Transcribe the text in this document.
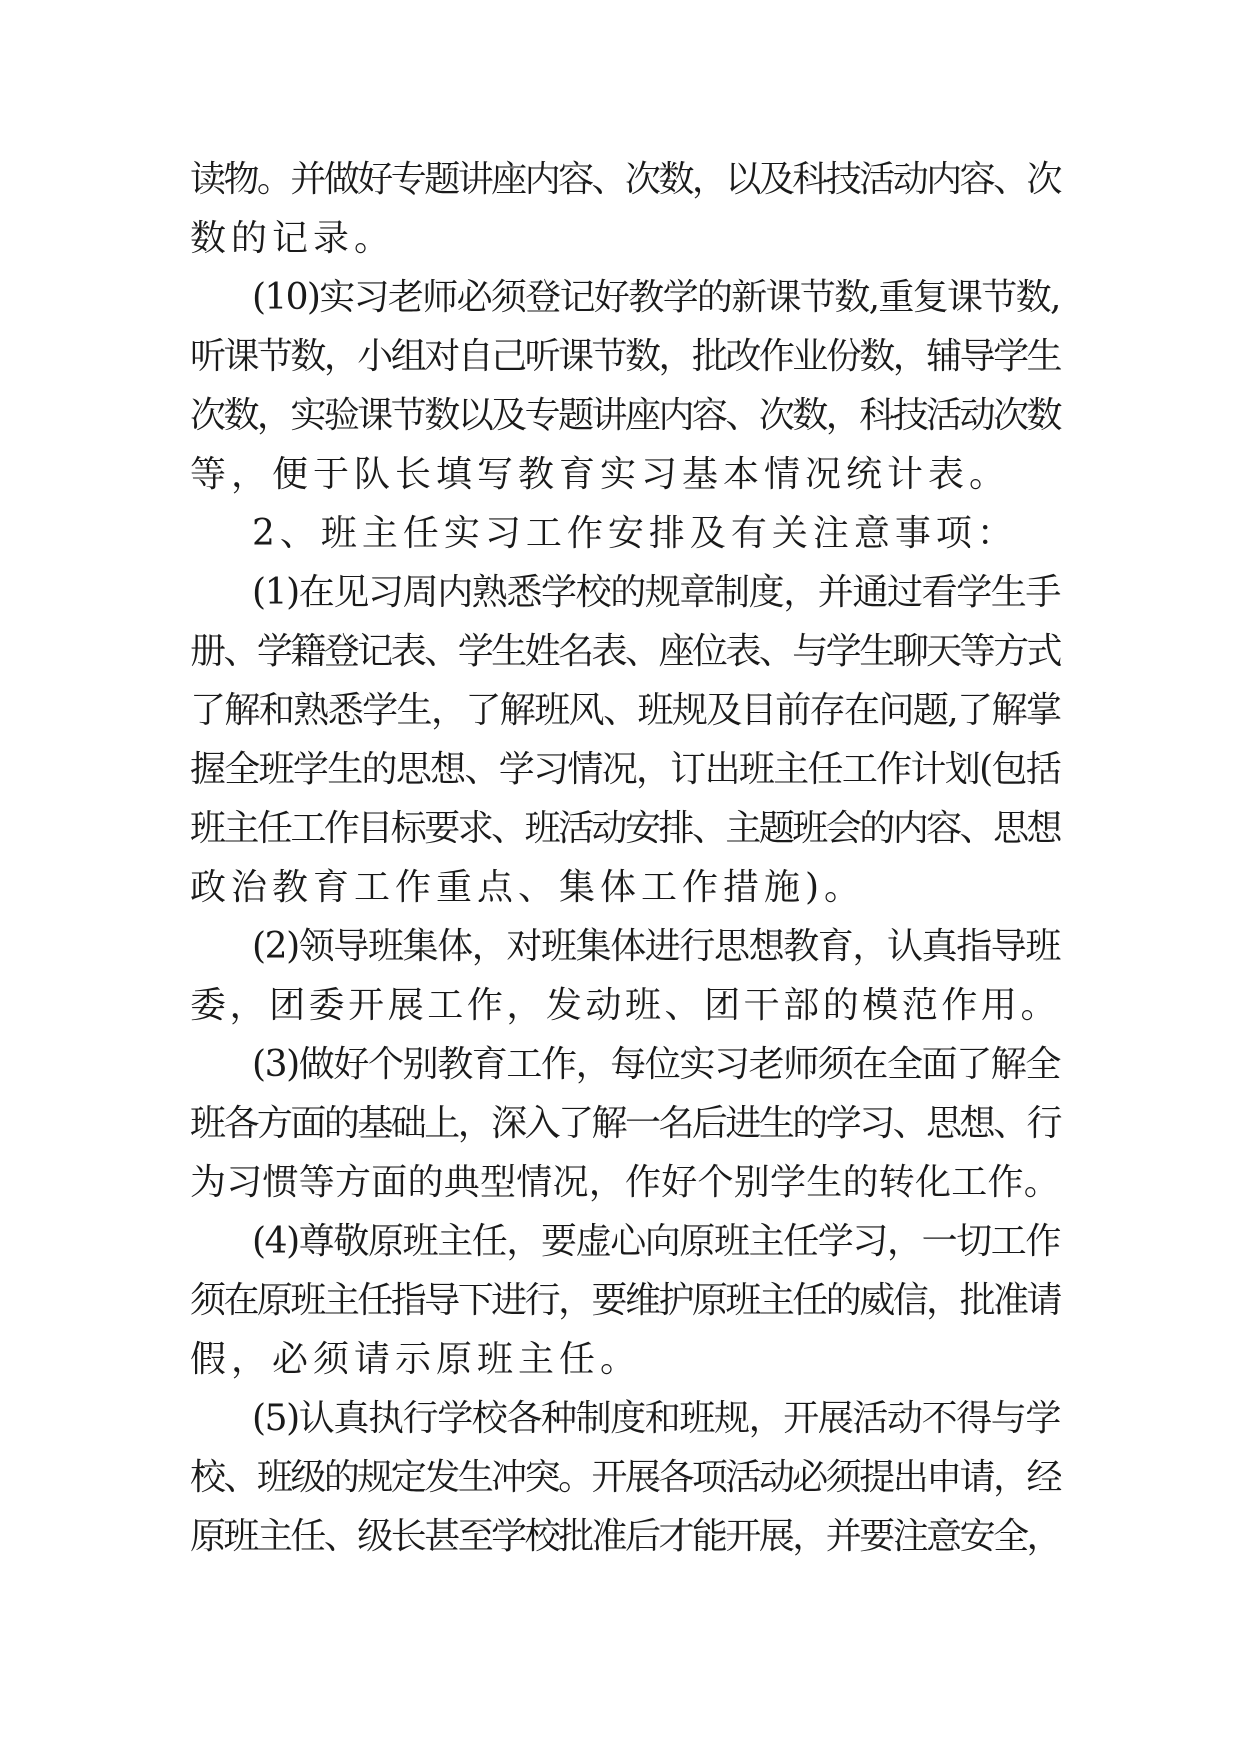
读物。并做好专题讲座内容、次数，以及科技活动内容、次
数的记录。
(10)实习老师必须登记好教学的新课节数,重复课节数,
听课节数，小组对自己听课节数，批改作业份数，辅导学生
次数，实验课节数以及专题讲座内容、次数，科技活动次数
等，便于队长填写教育实习基本情况统计表。
2、班主任实习工作安排及有关注意事项：
(1)在见习周内熟悉学校的规章制度，并通过看学生手
册、学籍登记表、学生姓名表、座位表、与学生聊天等方式
了解和熟悉学生，了解班风、班规及目前存在问题,了解掌
握全班学生的思想、学习情况，订出班主任工作计划(包括
班主任工作目标要求、班活动安排、主题班会的内容、思想
政治教育工作重点、集体工作措施)。
(2)领导班集体，对班集体进行思想教育，认真指导班
委，团委开展工作，发动班、团干部的模范作用。
(3)做好个别教育工作，每位实习老师须在全面了解全
班各方面的基础上，深入了解一名后进生的学习、思想、行
为习惯等方面的典型情况，作好个别学生的转化工作。
(4)尊敬原班主任，要虚心向原班主任学习，一切工作
须在原班主任指导下进行，要维护原班主任的威信，批准请
假，必须请示原班主任。
(5)认真执行学校各种制度和班规，开展活动不得与学
校、班级的规定发生冲突。开展各项活动必须提出申请，经
原班主任、级长甚至学校批准后才能开展，并要注意安全，
